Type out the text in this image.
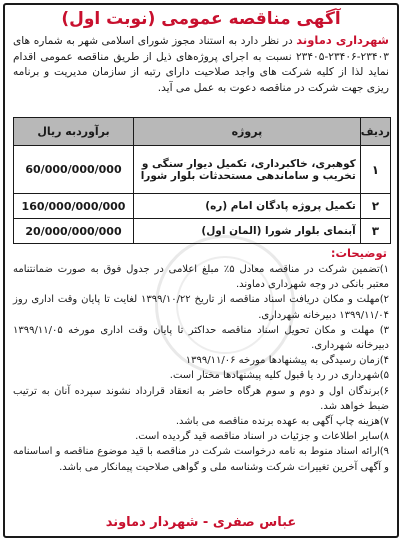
آگهی مناقصه عمومی (نوبت اول)
شهرداری دماوند در نظر دارد به استناد مجوز شورای اسلامی شهر به شماره های ۲۳۴۰۳-۲۳۴۰۶-۲۳۴۰۵ نسبت به اجرای پروژه‌های ذیل از طریق مناقصه عمومی اقدام نماید لذا از کلیه شرکت های واجد صلاحیت دارای رتبه از سازمان مدیریت و برنامه ریزی جهت شرکت در مناقصه دعوت به عمل می آید.
ردیف	پروژه	برآوردبه ریال
۱	کوهبری، خاکبرداری، تکمیل دیوار سنگی و تخریب و ساماندهی مستحدثات بلوار شورا	60/000/000/000
۲	تکمیل پروژه پادگان امام (ره)	160/000/000/000
۳	آبنمای بلوار شورا (المان اول)	20/000/000/000
توضیحات:

۱)تضمین شرکت در مناقصه معادل ۵٪ مبلغ اعلامی در جدول فوق به صورت ضمانتنامه معتبر بانکی در وجه شهرداری دماوند.

۲)مهلت و مکان دریافت اسناد مناقصه از تاریخ ۱۳۹۹/۱۰/۲۲ لغایت تا پایان وقت اداری روز ۱۳۹۹/۱۱/۰۴ دبیرخانه شهرداری.

۳) مهلت و مکان تحویل اسناد مناقصه حداکثر تا پایان وقت اداری مورخه ۱۳۹۹/۱۱/۰۵ دبیرخانه شهرداری.

۴)زمان رسیدگی به پیشنهادها مورخه ۱۳۹۹/۱۱/۰۶

۵)شهرداری در رد یا قبول کلیه پیشنهادها مختار است.

۶)برندگان اول و دوم و سوم هرگاه حاضر به انعقاد قرارداد نشوند سپرده آنان به ترتیب ضبط خواهد شد.

۷)هزینه چاپ آگهی به عهده برنده مناقصه می باشد.

۸)سایر اطلاعات و جزئیات در اسناد مناقصه قید گردیده است.

۹)ارائه اسناد منوط به نامه درخواست شرکت در مناقصه با قید موضوع مناقصه و اساسنامه و آگهی آخرین تغییرات شرکت وشناسه ملی و گواهی صلاحیت پیمانکار می باشد.

عباس صفری - شهردار دماوند
